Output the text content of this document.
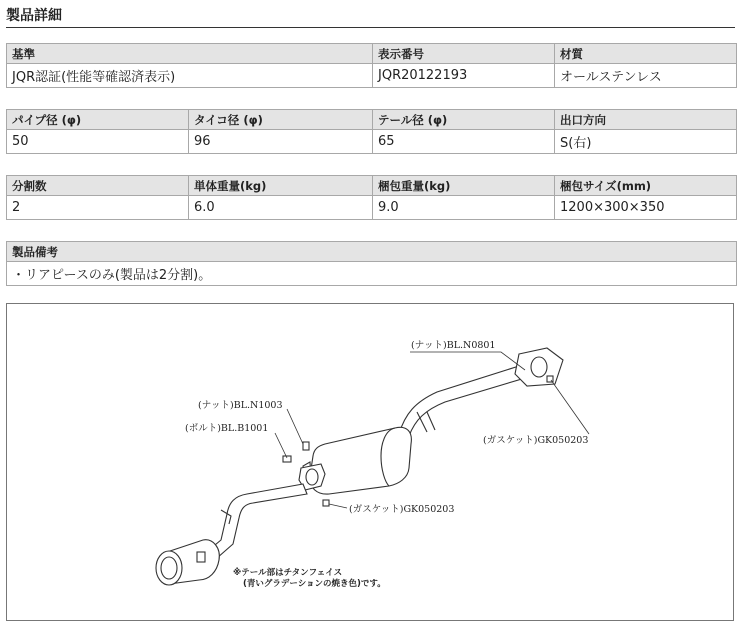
製品詳細
基準	表示番号	材質
JQR認証(性能等確認済表示)	JQR20122193	オールステンレス
パイプ径 (φ)	タイコ径 (φ)	テール径 (φ)	出口方向
50	96	65	S(右)
分割数	単体重量(kg)	梱包重量(kg)	梱包サイズ(mm)
2	6.0	9.0	1200×300×350
製品備考
・リアピースのみ(製品は2分割)。
(ナット)BL.N0801
(ガスケット)GK050203
(ナット)BL.N1003
(ボルト)BL.B1001
(ガスケット)GK050203
※テール部はチタンフェイス
(青いグラデーションの焼き色)です。
